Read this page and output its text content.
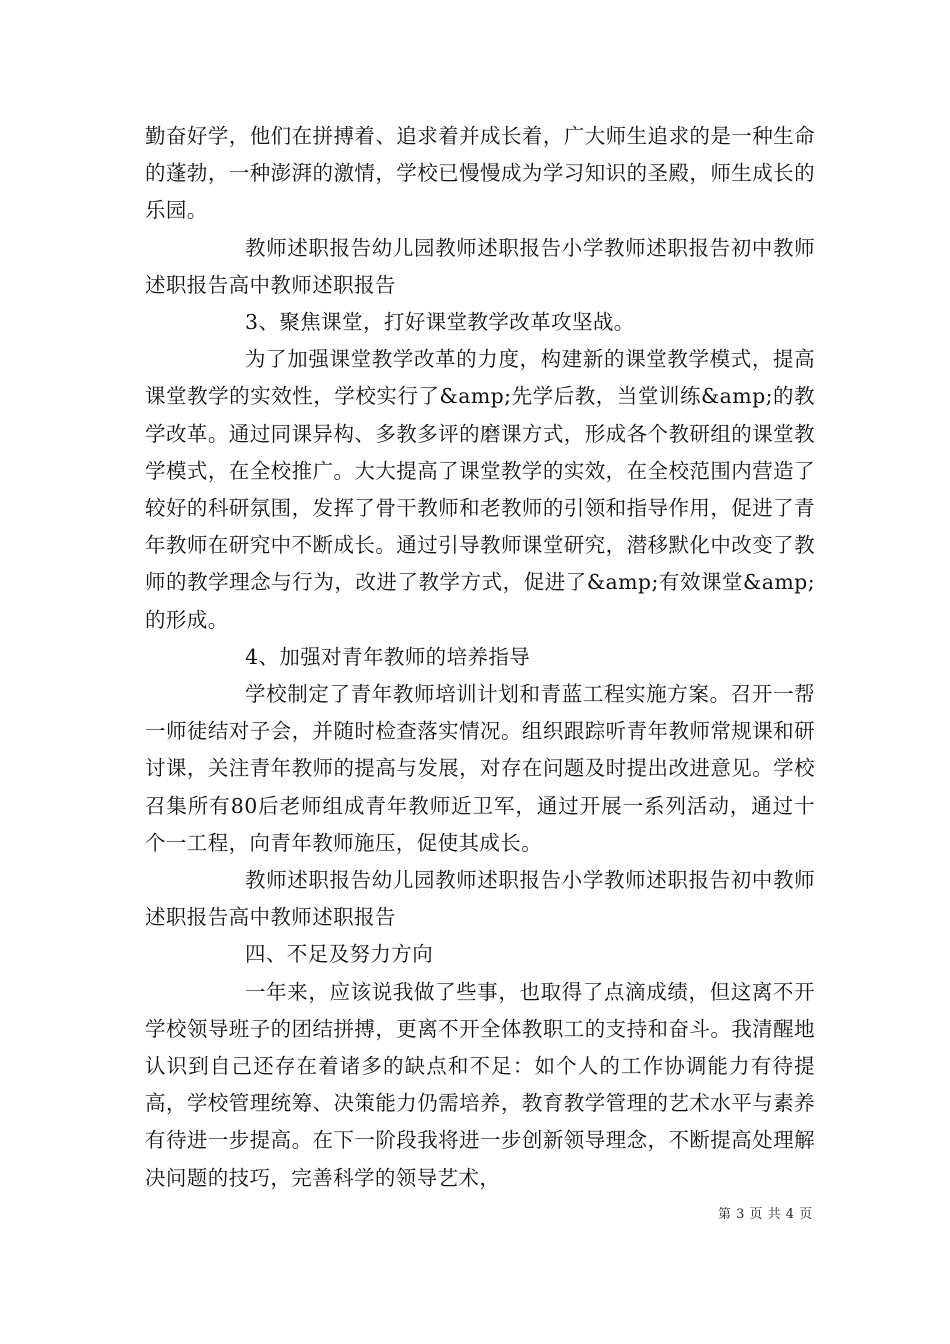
勤奋好学，他们在拼搏着、追求着并成长着，广大师生追求的是一种生命的蓬勃，一种澎湃的激情，学校已慢慢成为学习知识的圣殿，师生成长的乐园。

教师述职报告幼儿园教师述职报告小学教师述职报告初中教师述职报告高中教师述职报告

3、聚焦课堂，打好课堂教学改革攻坚战。

为了加强课堂教学改革的力度，构建新的课堂教学模式，提高课堂教学的实效性，学校实行了&amp;先学后教，当堂训练&amp;的教学改革。通过同课异构、多教多评的磨课方式，形成各个教研组的课堂教学模式，在全校推广。大大提高了课堂教学的实效，在全校范围内营造了较好的科研氛围，发挥了骨干教师和老教师的引领和指导作用，促进了青年教师在研究中不断成长。通过引导教师课堂研究，潜移默化中改变了教师的教学理念与行为，改进了教学方式，促进了&amp;有效课堂&amp;的形成。

4、加强对青年教师的培养指导

学校制定了青年教师培训计划和青蓝工程实施方案。召开一帮一师徒结对子会，并随时检查落实情况。组织跟踪听青年教师常规课和研讨课，关注青年教师的提高与发展，对存在问题及时提出改进意见。学校召集所有80后老师组成青年教师近卫军，通过开展一系列活动，通过十个一工程，向青年教师施压，促使其成长。

教师述职报告幼儿园教师述职报告小学教师述职报告初中教师述职报告高中教师述职报告

四、不足及努力方向

一年来，应该说我做了些事，也取得了点滴成绩，但这离不开学校领导班子的团结拼搏，更离不开全体教职工的支持和奋斗。我清醒地认识到自己还存在着诸多的缺点和不足：如个人的工作协调能力有待提高，学校管理统筹、决策能力仍需培养，教育教学管理的艺术水平与素养有待进一步提高。在下一阶段我将进一步创新领导理念，不断提高处理解决问题的技巧，完善科学的领导艺术，

第 3 页 共 4 页
